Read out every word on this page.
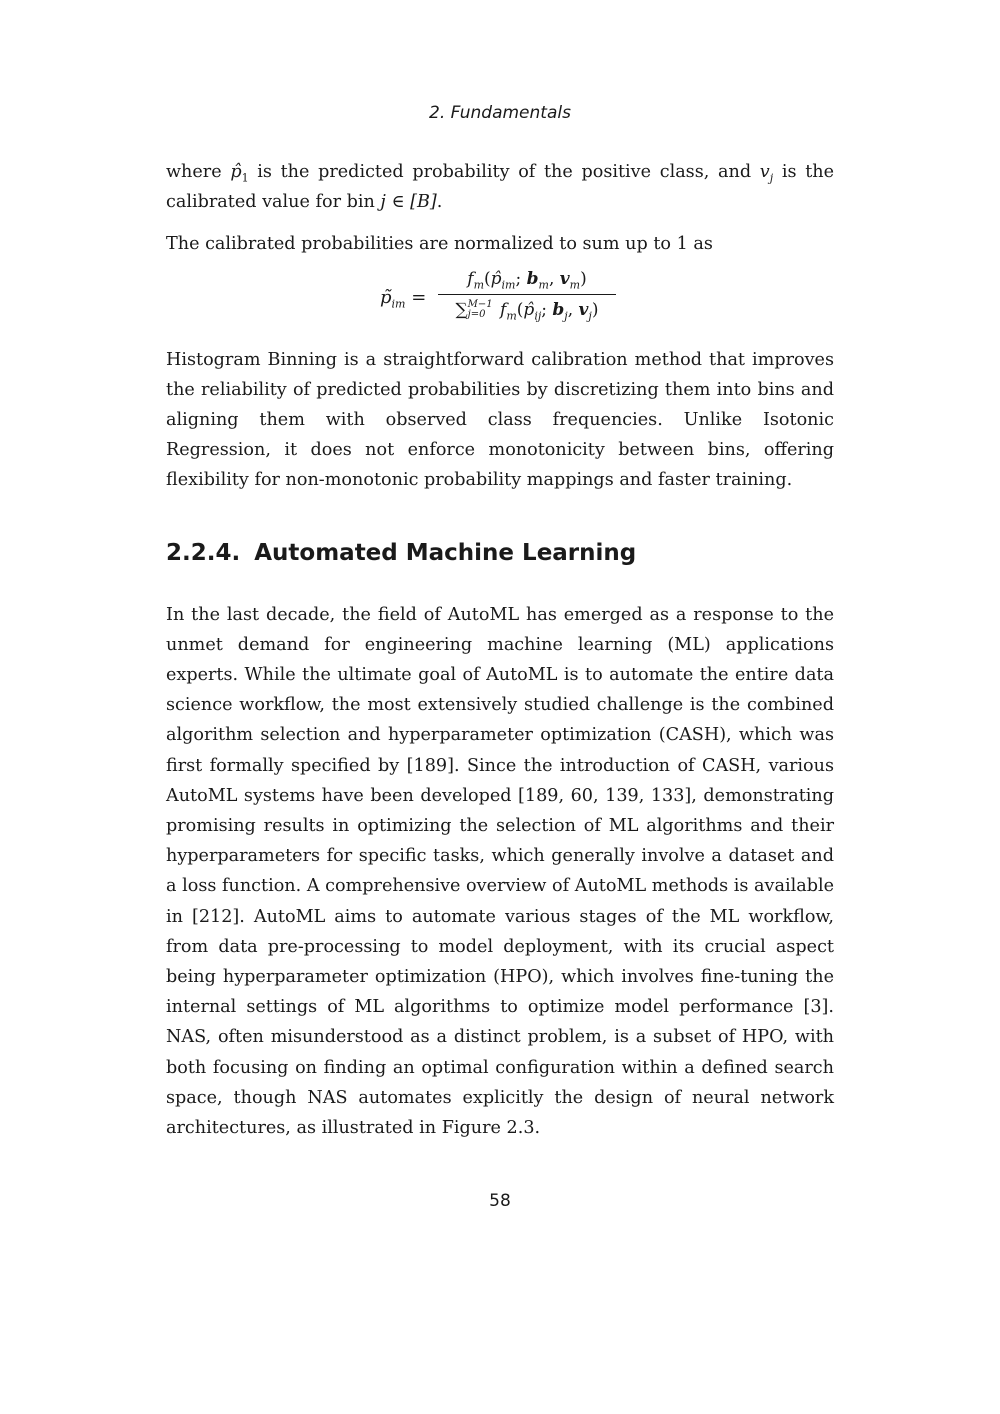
2. Fundamentals

where $p̂_1$ is the predicted probability of the positive class, and $v_j$ is the calibrated value for bin j ∈ [B].

The calibrated probabilities are normalized to sum up to 1 as

$p̃_{im}$ = $f_m(p̂_{im}$; $b_m$, $v_m$)
∑ M−1
j=0 $f_m(p̂_{ij}$; $b_j$, $v_j$)

Histogram Binning is a straightforward calibration method that improves the reliability of predicted probabilities by discretizing them into bins and aligning them with observed class frequencies. Unlike Isotonic Regression, it does not enforce monotonicity between bins, offering flexibility for non-monotonic probability mappings and faster training.

2.2.4. Automated Machine Learning

In the last decade, the field of AutoML has emerged as a response to the unmet demand for engineering machine learning (ML) applications experts. While the ultimate goal of AutoML is to automate the entire data science workflow, the most extensively studied challenge is the combined algorithm selection and hyperparameter optimization (CASH), which was first formally specified by [189]. Since the introduction of CASH, various AutoML systems have been developed [189, 60, 139, 133], demonstrating promising results in optimizing the selection of ML algorithms and their hyperparameters for specific tasks, which generally involve a dataset and a loss function. A comprehensive overview of AutoML methods is available in [212]. AutoML aims to automate various stages of the ML workflow, from data pre-processing to model deployment, with its crucial aspect being hyperparameter optimization (HPO), which involves fine-tuning the internal settings of ML algorithms to optimize model performance [3]. NAS, often misunderstood as a distinct problem, is a subset of HPO, with both focusing on finding an optimal configuration within a defined search space, though NAS automates explicitly the design of neural network architectures, as illustrated in Figure 2.3.

58
